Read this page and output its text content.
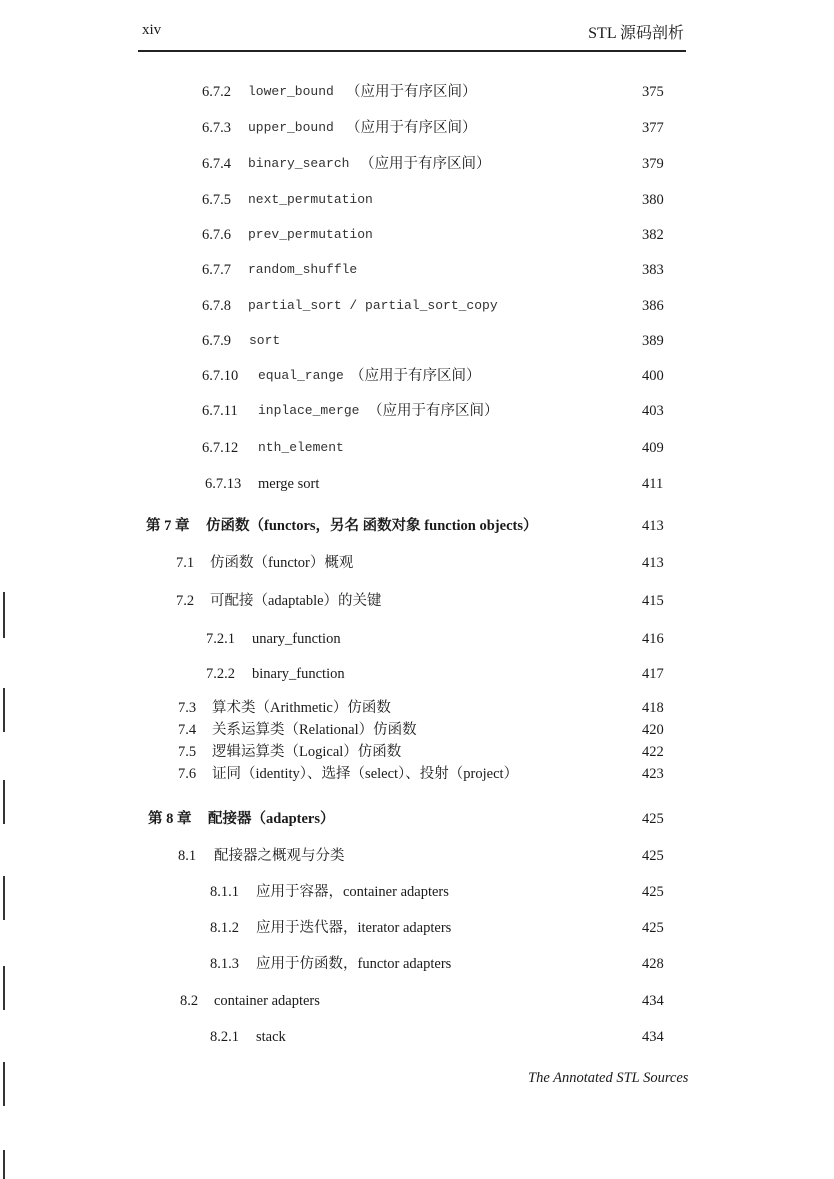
xiv	STL 源码剖析
6.7.2 lower_bound （应用于有序区间）	375
6.7.3 upper_bound （应用于有序区间）	377
6.7.4 binary_search （应用于有序区间）	379
6.7.5 next_permutation	380
6.7.6 prev_permutation	382
6.7.7 random_shuffle	383
6.7.8 partial_sort / partial_sort_copy	386
6.7.9 sort	389
6.7.10 equal_range （应用于有序区间）	400
6.7.11 inplace_merge （应用于有序区间）	403
6.7.12 nth_element	409
6.7.13 merge sort	411
第 7 章 仿函数（functors，另名 函数对象 function objects）	413
7.1 仿函数（functor）概观	413
7.2 可配接（adaptable）的关键	415
7.2.1 unary_function	416
7.2.2 binary_function	417
7.3 算术类（Arithmetic）仿函数	418
7.4 关系运算类（Relational）仿函数	420
7.5 逻辑运算类（Logical）仿函数	422
7.6 证同（identity）、选择（select）、投射（project）	423
第 8 章 配接器（adapters）	425
8.1 配接器之概观与分类	425
8.1.1 应用于容器，container adapters	425
8.1.2 应用于迭代器，iterator adapters	425
8.1.3 应用于仿函数，functor adapters	428
8.2 container adapters	434
8.2.1 stack	434
The Annotated STL Sources
